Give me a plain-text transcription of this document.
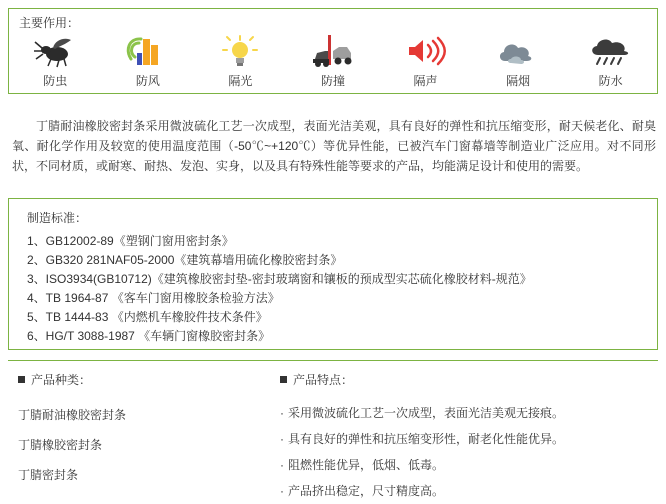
主要作用：
防虫	防风	隔光	防撞	隔声	隔烟	防水

丁腈耐油橡胶密封条采用微波硫化工艺一次成型，表面光洁美观，具有良好的弹性和抗压缩变形，耐天候老化、耐臭氧、耐化学作用及较宽的使用温度范围（-50℃~+120℃）等优异性能，已被汽车门窗幕墙等制造业广泛应用。对不同形状，不同材质，或耐寒、耐热、发泡、实身，以及具有特殊性能等要求的产品，均能满足设计和使用的需要。

制造标准：
1、GB12002-89《塑钢门窗用密封条》
2、GB320 281NAF05-2000《建筑幕墙用硫化橡胶密封条》
3、ISO3934(GB10712)《建筑橡胶密封垫-密封玻璃窗和镶板的预成型实芯硫化橡胶材料-规范》
4、TB 1964-87 《客车门窗用橡胶条检验方法》
5、TB 1444-83 《内燃机车橡胶件技术条件》
6、HG/T 3088-1987 《车辆门窗橡胶密封条》
产品种类：
丁腈耐油橡胶密封条
丁腈橡胶密封条
丁腈密封条
产品特点：
· 采用微波硫化工艺一次成型，表面光洁美观无接痕。
· 具有良好的弹性和抗压缩变形性，耐老化性能优异。
· 阻燃性能优异，低烟、低毒。
· 产品挤出稳定，尺寸精度高。
